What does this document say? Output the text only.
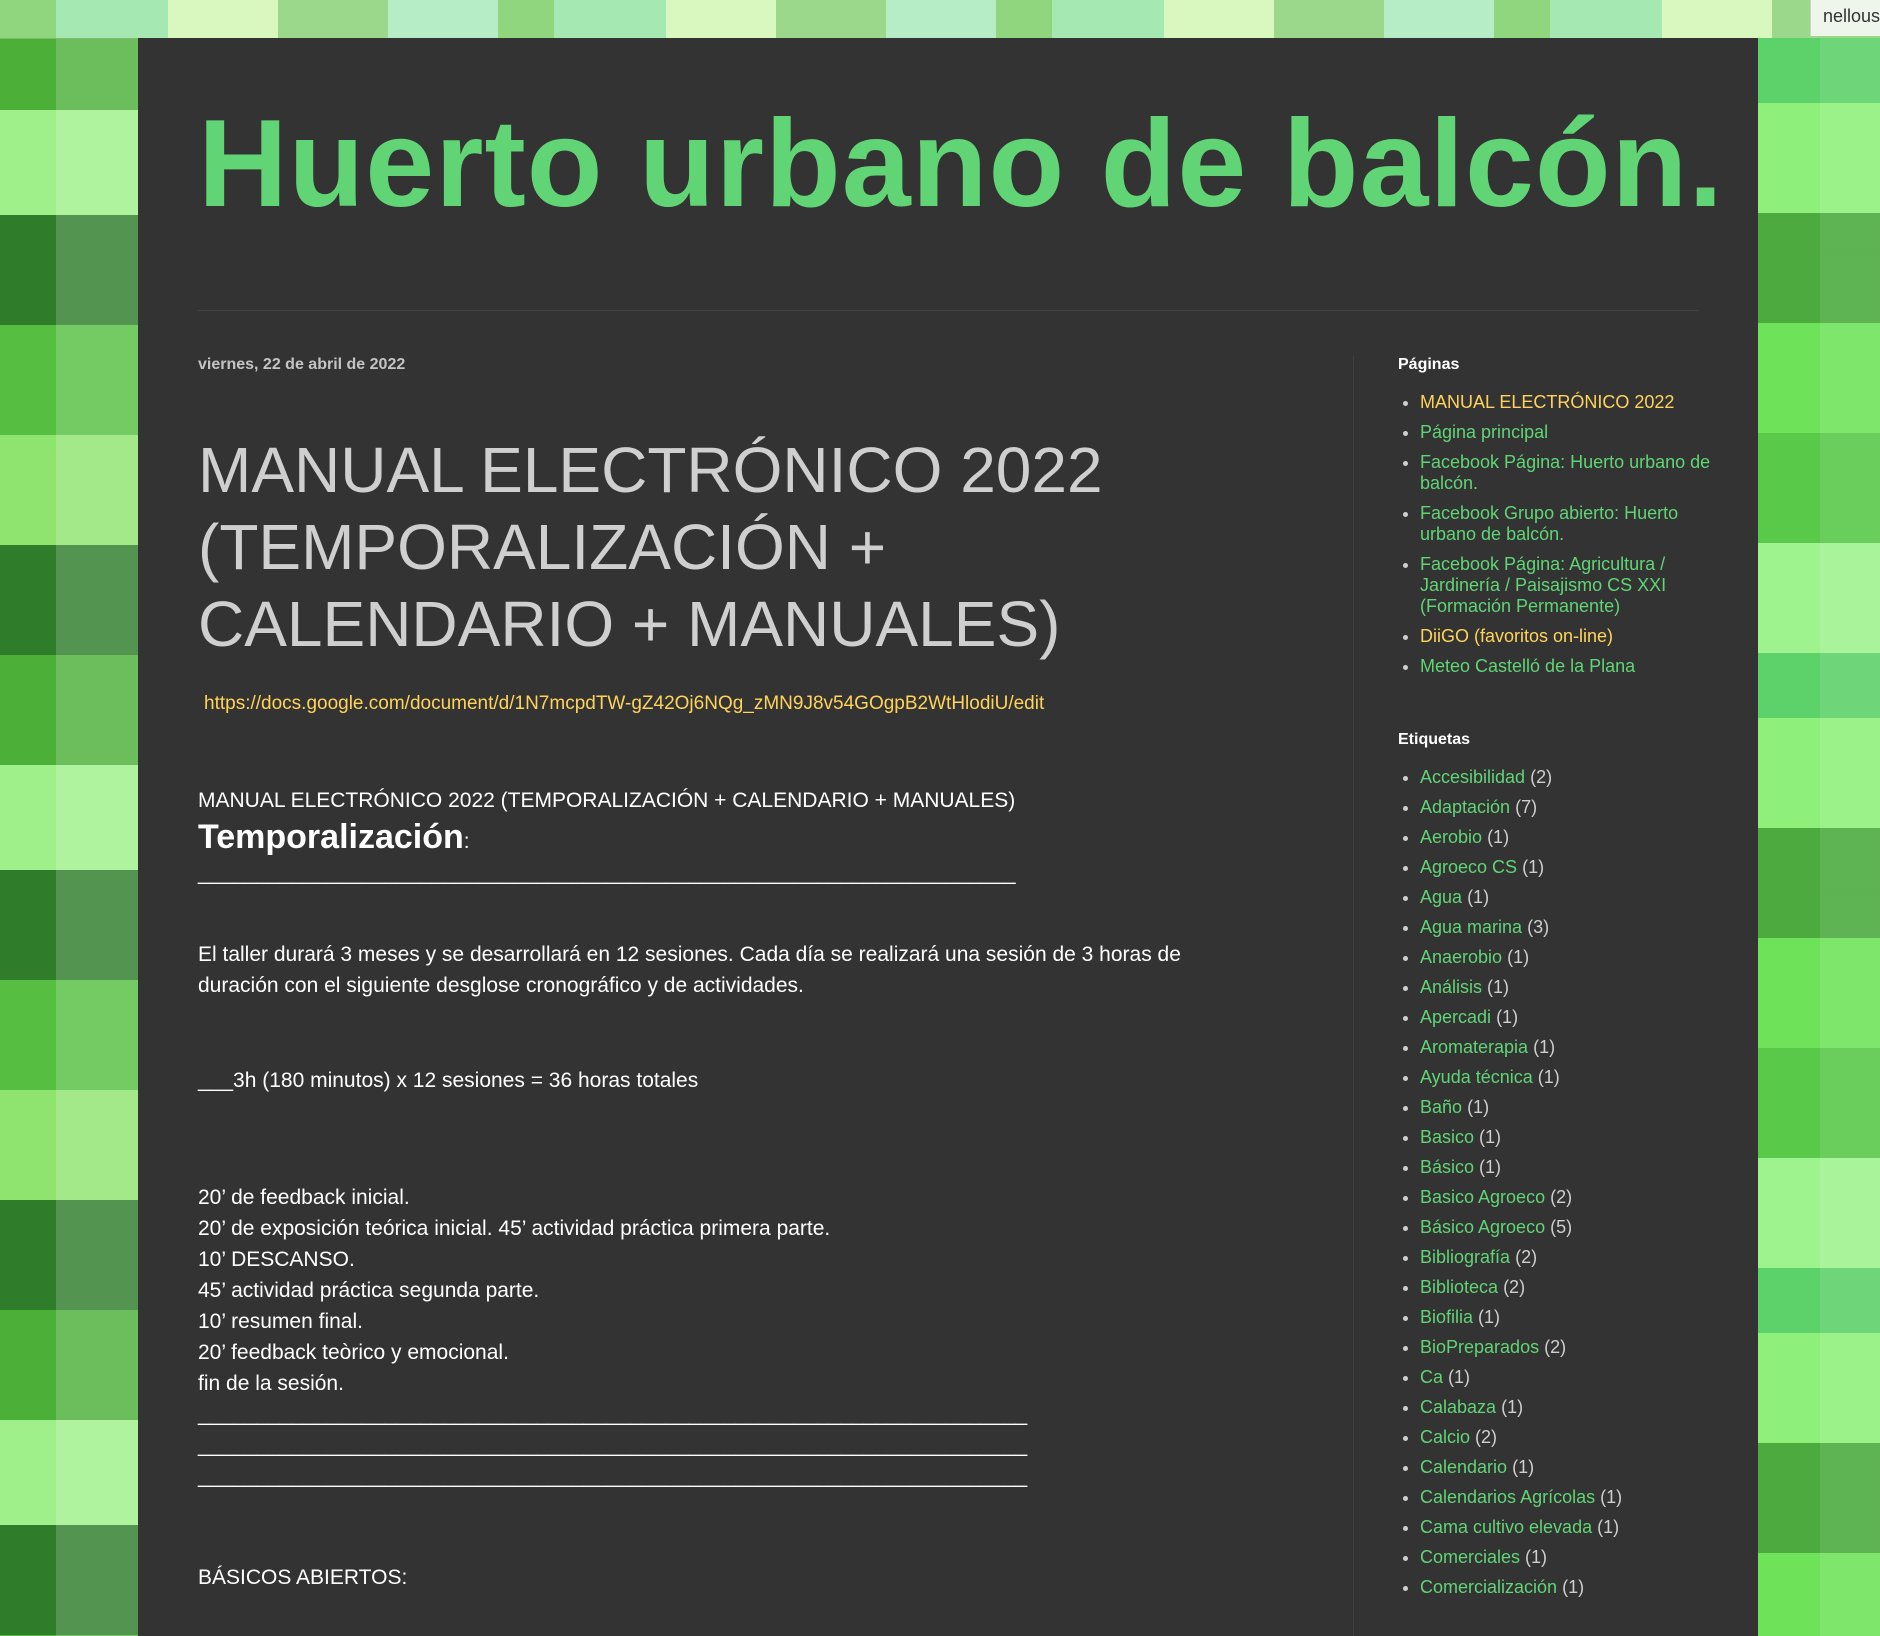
nellous
Huerto urbano de balcón.

viernes, 22 de abril de 2022

MANUAL ELECTRÓNICO 2022 (TEMPORALIZACIÓN + CALENDARIO + MANUALES)
https://docs.google.com/document/d/1N7mcpdTW-gZ42Oj6NQg_zMN9J8v54GOgpB2WtHlodiU/edit
MANUAL ELECTRÓNICO 2022 (TEMPORALIZACIÓN + CALENDARIO + MANUALES)
Temporalización:
______________________________________________________________________

El taller durará 3 meses y se desarrollará en 12 sesiones. Cada día se realizará una sesión de 3 horas de duración con el siguiente desglose cronográfico y de actividades.

___3h (180 minutos) x 12 sesiones = 36 horas totales
20’ de feedback inicial.
20’ de exposición teórica inicial. 45’ actividad práctica primera parte.
10’ DESCANSO.
45’ actividad práctica segunda parte.
10’ resumen final.
20’ feedback teòrico y emocional.
fin de la sesión.
_______________________________________________________________________
_______________________________________________________________________
_______________________________________________________________________
BÁSICOS ABIERTOS:
Páginas
• MANUAL ELECTRÓNICO 2022
• Página principal
• Facebook Página: Huerto urbano de balcón.
• Facebook Grupo abierto: Huerto urbano de balcón.
• Facebook Página: Agricultura / Jardinería / Paisajismo CS XXI (Formación Permanente)
• DiiGO (favoritos on-line)
• Meteo Castelló de la Plana
Etiquetas
• Accesibilidad (2)
• Adaptación (7)
• Aerobio (1)
• Agroeco CS (1)
• Agua (1)
• Agua marina (3)
• Anaerobio (1)
• Análisis (1)
• Apercadi (1)
• Aromaterapia (1)
• Ayuda técnica (1)
• Baño (1)
• Basico (1)
• Básico (1)
• Basico Agroeco (2)
• Básico Agroeco (5)
• Bibliografía (2)
• Biblioteca (2)
• Biofilia (1)
• BioPreparados (2)
• Ca (1)
• Calabaza (1)
• Calcio (2)
• Calendario (1)
• Calendarios Agrícolas (1)
• Cama cultivo elevada (1)
• Comerciales (1)
• Comercialización (1)
